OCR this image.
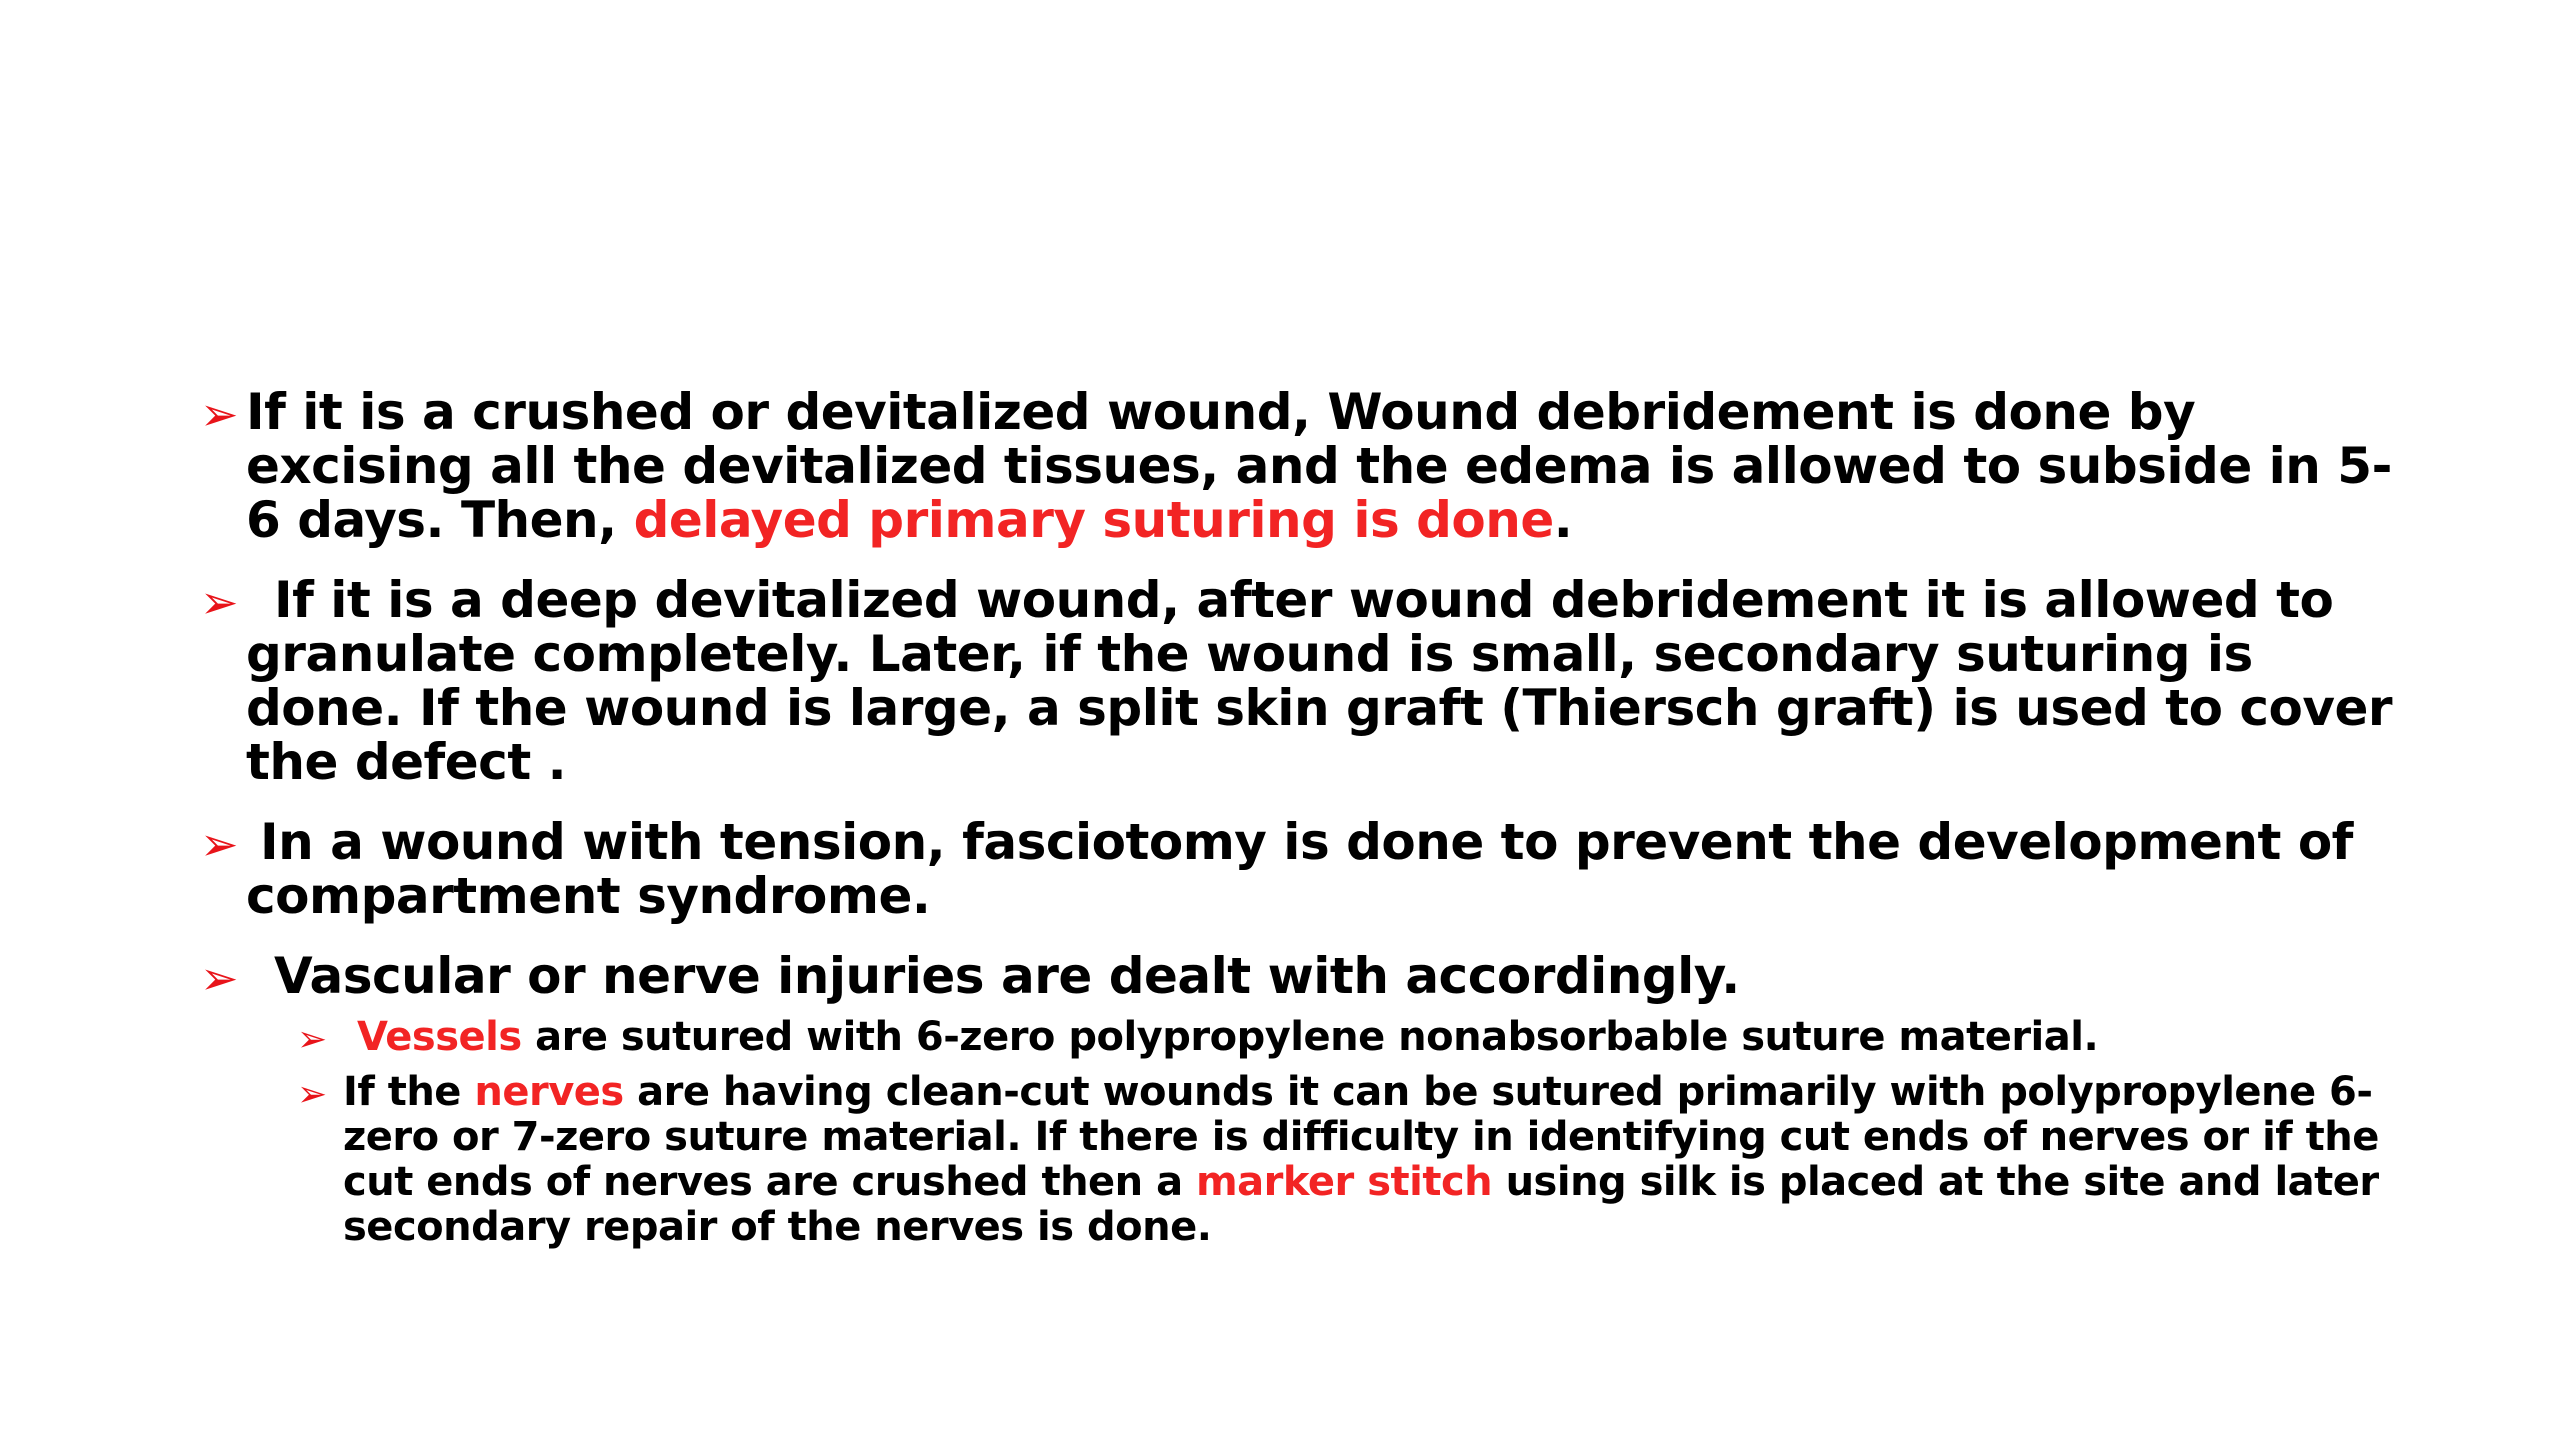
➢ If it is a crushed or devitalized wound, Wound debridement is done by excising all the devitalized tissues, and the edema is allowed to subside in 5-6 days. Then, delayed primary suturing is done.
➢ If it is a deep devitalized wound, after wound debridement it is allowed to granulate completely. Later, if the wound is small, secondary suturing is done. If the wound is large, a split skin graft (Thiersch graft) is used to cover the defect .
➢ In a wound with tension, fasciotomy is done to prevent the development of compartment syndrome.
➢ Vascular or nerve injuries are dealt with accordingly.
➢ Vessels are sutured with 6-zero polypropylene nonabsorbable suture material.
➢ If the nerves are having clean-cut wounds it can be sutured primarily with polypropylene 6-zero or 7-zero suture material. If there is difficulty in identifying cut ends of nerves or if the cut ends of nerves are crushed then a marker stitch using silk is placed at the site and later secondary repair of the nerves is done.
